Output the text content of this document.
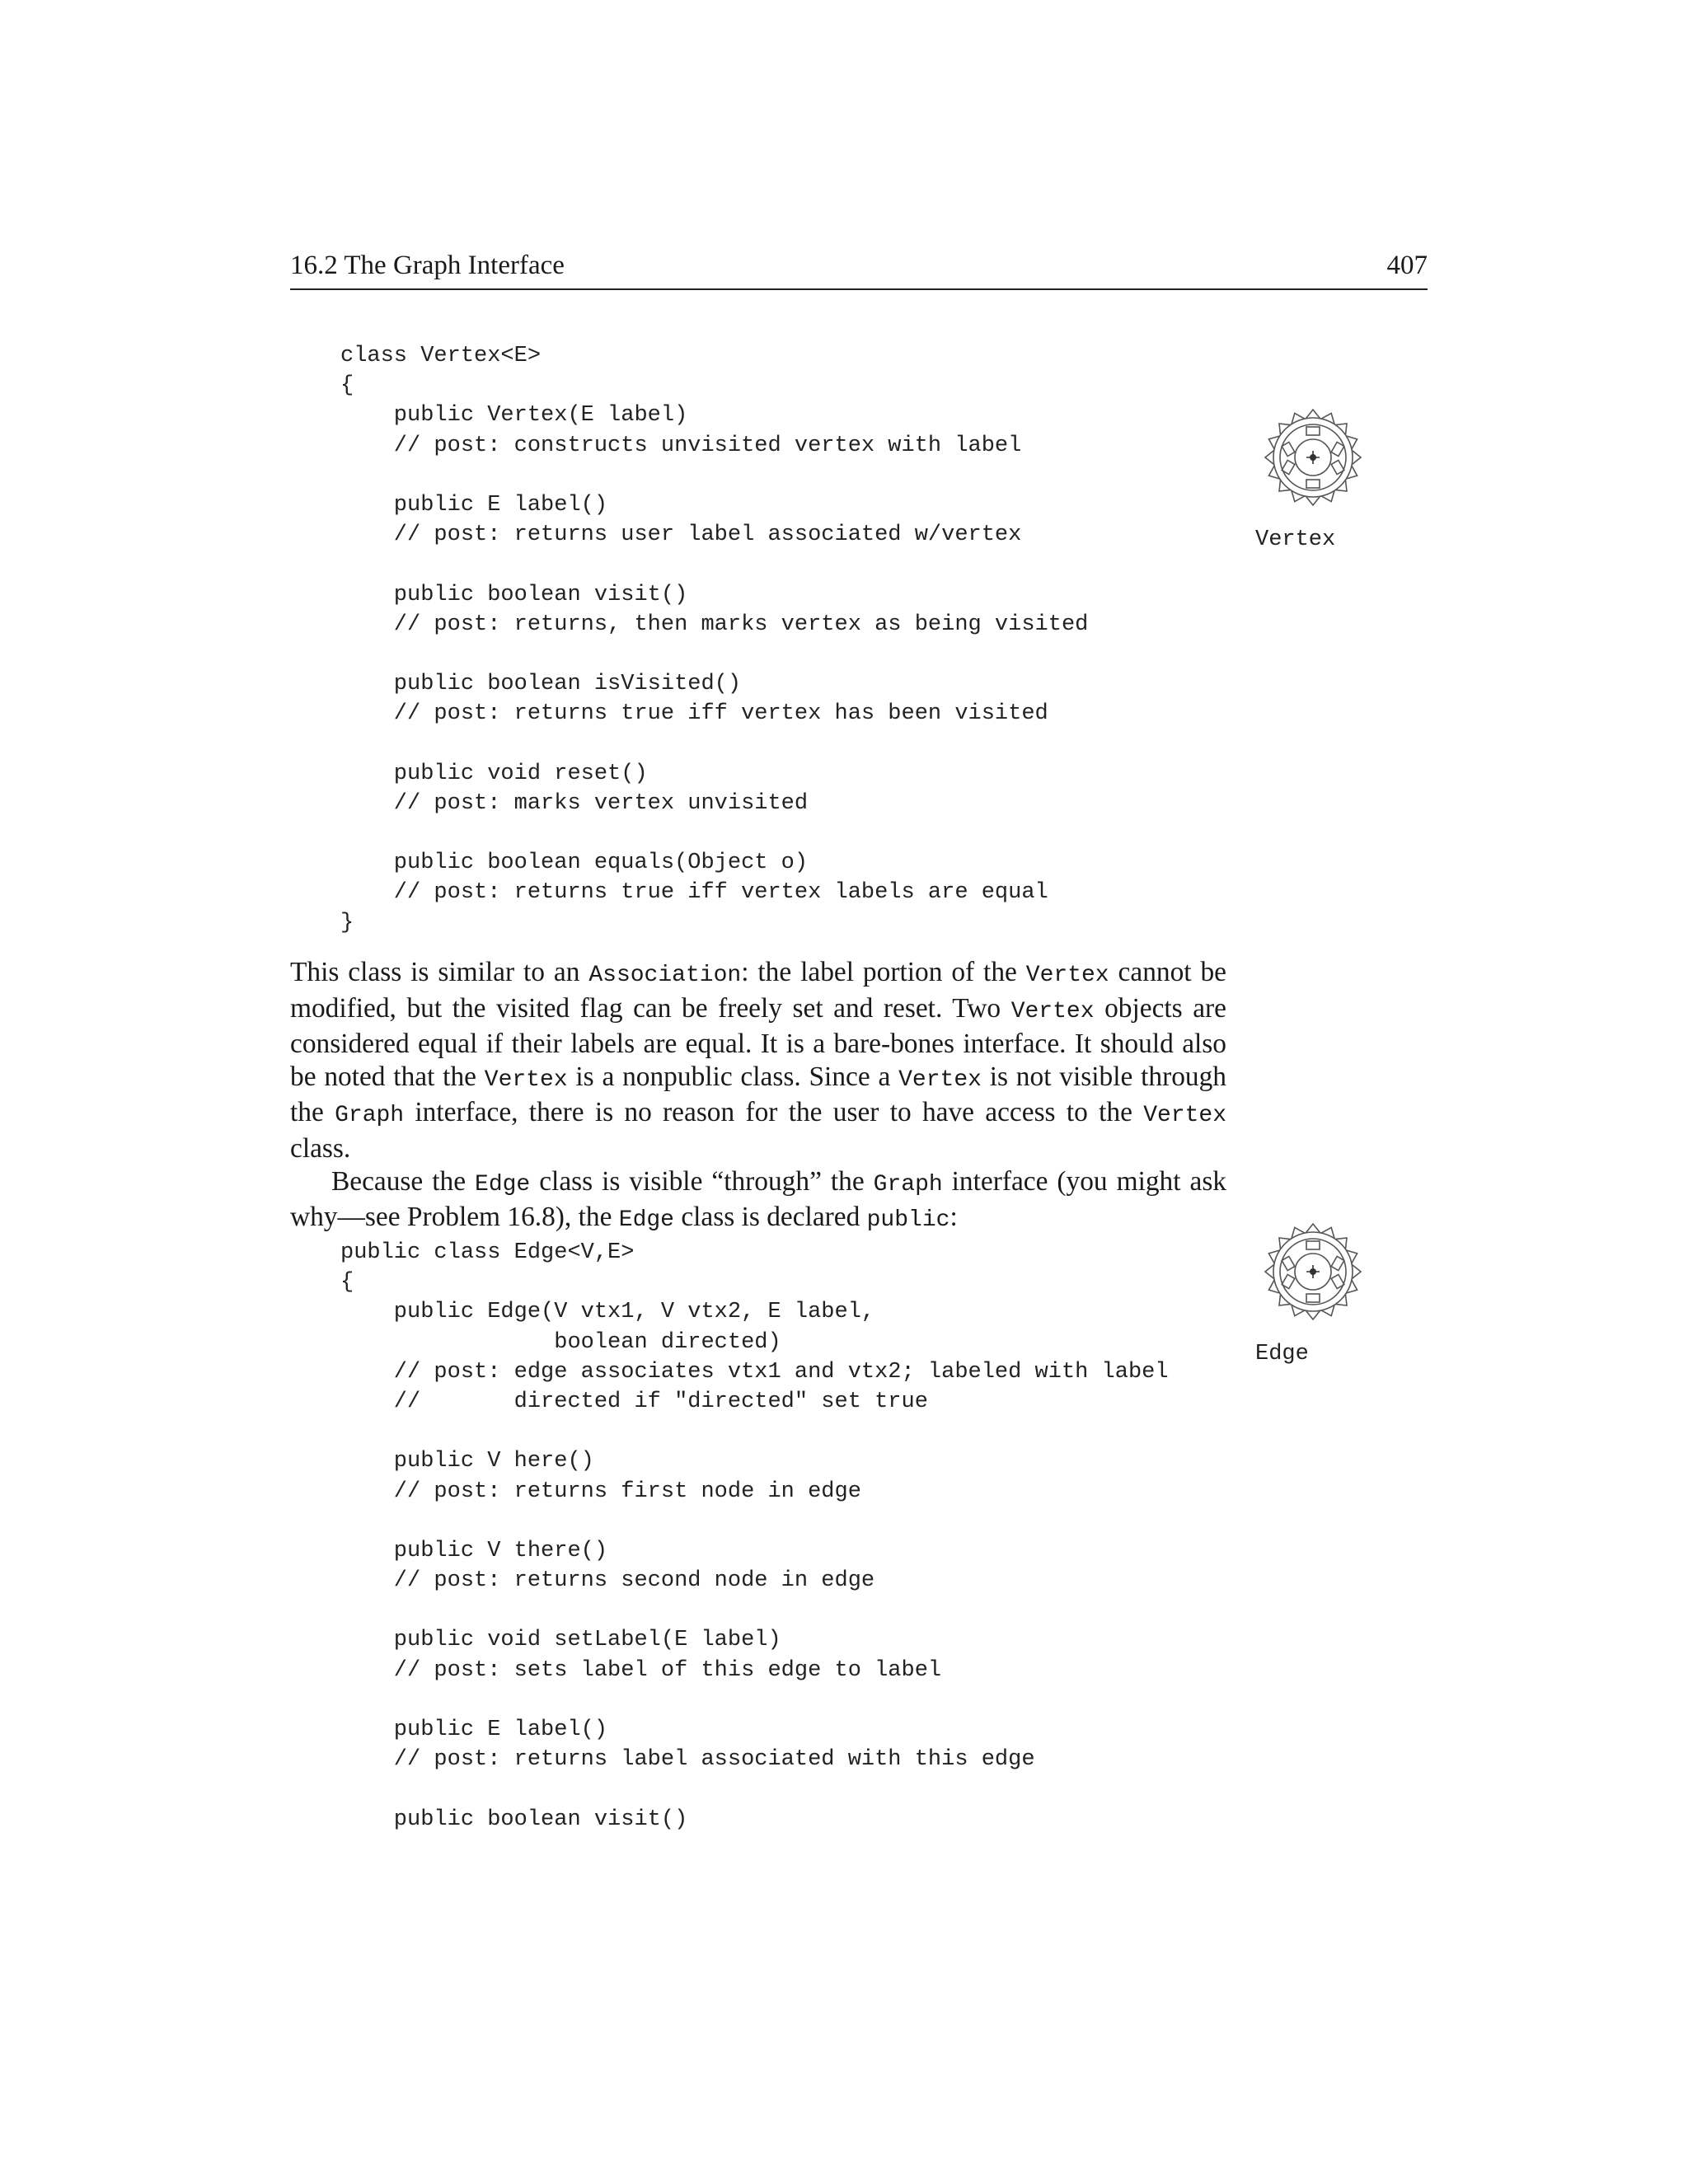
16.2 The Graph Interface	407
class Vertex<E>
{
public Vertex(E label)
// post: constructs unvisited vertex with label
public E label()
// post: returns user label associated w/vertex
public boolean visit()
// post: returns, then marks vertex as being visited
public boolean isVisited()
// post: returns true iff vertex has been visited
public void reset()
// post: marks vertex unvisited
public boolean equals(Object o)
// post: returns true iff vertex labels are equal
}
Vertex

This class is similar to an Association: the label portion of the Vertex cannot be modified, but the visited flag can be freely set and reset. Two Vertex objects are considered equal if their labels are equal. It is a bare-bones interface. It should also be noted that the Vertex is a nonpublic class. Since a Vertex is not visible through the Graph interface, there is no reason for the user to have access to the Vertex class.

Because the Edge class is visible “through” the Graph interface (you might ask why—see Problem 16.8), the Edge class is declared public:

Edge
public class Edge<V,E>
{
public Edge(V vtx1, V vtx2, E label,
boolean directed)
// post: edge associates vtx1 and vtx2; labeled with label
//       directed if "directed" set true
public V here()
// post: returns first node in edge
public V there()
// post: returns second node in edge
public void setLabel(E label)
// post: sets label of this edge to label
public E label()
// post: returns label associated with this edge
public boolean visit()
